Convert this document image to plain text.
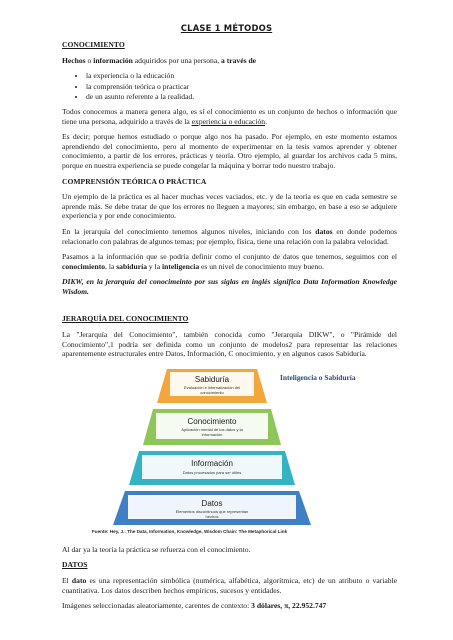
CLASE 1 MÉTODOS
CONOCIMIENTO

Hechos o información adquiridos por una persona, a través de

• la experiencia o la educación
• la comprensión teórica o practicar
• de un asunto referente a la realidad.

Todos conocemos a manera genera algo, es sí el conocimiento es un conjunto de hechos o información que tiene una persona, adquirido a través de la experiencia o educación.

Es decir; porque hemos estudiado o porque algo nos ha pasado. Por ejemplo, en este momento estamos aprendiendo del conocimiento, pero al momento de experimentar en la tesis vamos aprender y obtener conocimiento, a partir de los errores, prácticas y teoría. Otro ejemplo, al guardar los archivos cada 5 mins, porque en nuestra experiencia se puede congelar la máquina y borrar todo nuestro trabajo.

COMPRENSIÓN TEÓRICA O PRÁCTICA

Un ejemplo de la práctica es al hacer muchas veces vaciados, etc. y de la teoría es que en cada semestre se aprende más. Se debe tratar de que los errores no lleguen a mayores; sin embargo, en base a eso se adquiere experiencia y por ende conocimiento.

En la jerarquía del conocimiento tenemos algunos niveles, iniciando con los datos en donde podemos relacionarlo con palabras de algunos temas; por ejemplo, física, tiene una relación con la palabra velocidad.

Pasamos a la información que se podría definir como el conjunto de datos que tenemos, seguimos con el conocimiento, la sabiduría y la inteligencia es un nivel de conocimiento muy bueno.

DIKW, en la jerarquía del conocimeinto por sus siglas en inglés significa Data Information Knowledge Wisdom.

JERARQUÍA DEL CONOCIMIENTO

La "Jerarquía del Conocimiento", también conocida como "Jerarquía DIKW", o "Pirámide del Conocimiento",1 podría ser definida como un conjunto de modelos2 para representar las relaciones aparentemente estructurales entre Datos, Información, C onocimiento, y en algunos casos Sabiduría.

Sabiduría
Evaluación e internalización del
conocimiento
Conocimiento
Aplicación mental de los datos y la
información
Información
Datos procesados para ser útiles
Datos
Elementos discontinuos que representan
hechos
Inteligencia o Sabiduría
Fuente: Hey, J.: The Data, Information, Knowledge, Wisdom Chain: The Metaphorical Link

Al dar ya la teoría la práctica se refuerza con el conocimiento.

DATOS

El dato es una representación simbólica (numérica, alfabética, algorítmica, etc) de un atributo o variable cuantitativa. Los datos describen hechos empíricos, sucesos y entidades.

Imágenes seleccionadas aleatoriamente, carentes de contexto: 3 dólares, π, 22.952.747
